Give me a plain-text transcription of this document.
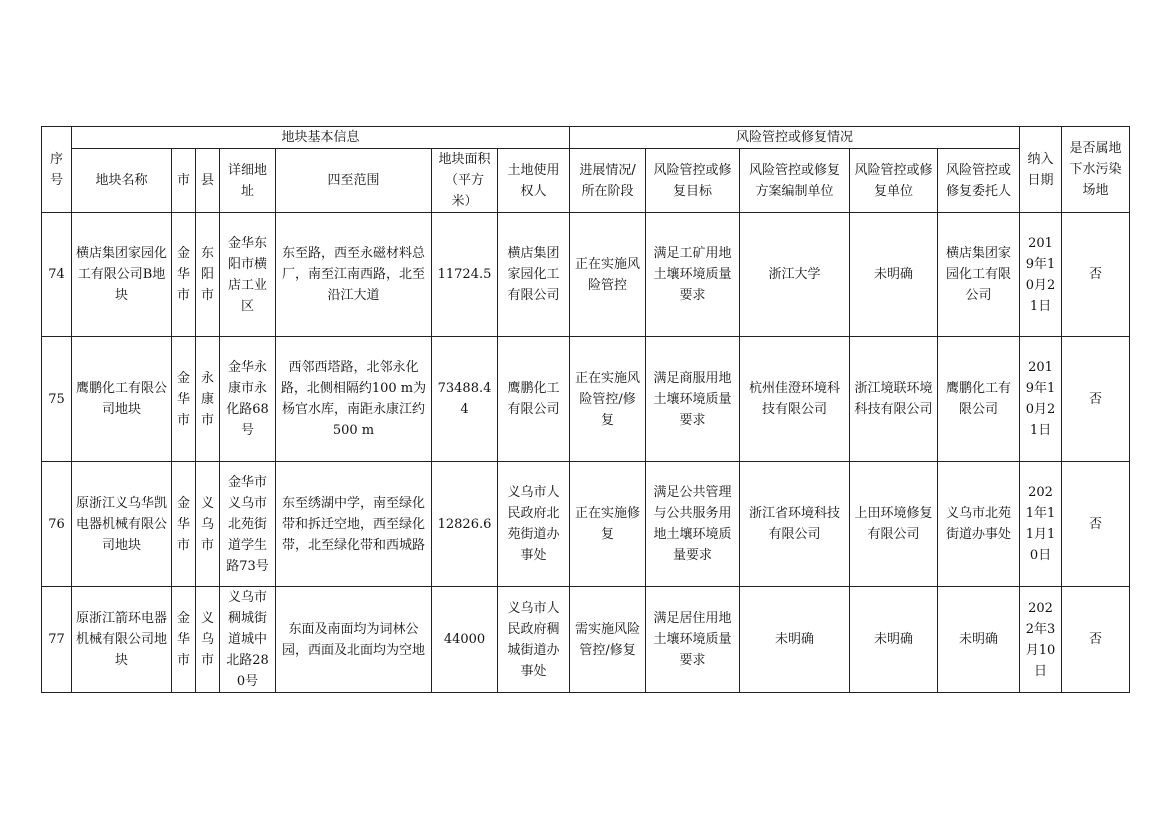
序号	地块基本信息							风险管控或修复情况					纳入日期	是否属地下水污染场地
	地块名称	市	县	详细地址	四至范围	地块面积（平方米）	土地使用权人	进展情况/所在阶段	风险管控或修复目标	风险管控或修复方案编制单位	风险管控或修复单位	风险管控或修复委托人		
74	横店集团家园化工有限公司B地块	金华市	东阳市	金华东阳市横店工业区	东至路，西至永磁材料总厂，南至江南西路，北至沿江大道	11724.5	横店集团家园化工有限公司	正在实施风险管控	满足工矿用地土壤环境质量要求	浙江大学	未明确	横店集团家园化工有限公司	2019年10月21日	否
75	鹰鹏化工有限公司地块	金华市	永康市	金华永康市永化路68号	西邻西塔路，北邻永化路，北侧相隔约100 m为杨官水库，南距永康江约500 m	73488.44	鹰鹏化工有限公司	正在实施风险管控/修复	满足商服用地土壤环境质量要求	杭州佳澄环境科技有限公司	浙江境联环境科技有限公司	鹰鹏化工有限公司	2019年10月21日	否
76	原浙江义乌华凯电器机械有限公司地块	金华市	义乌市	金华市义乌市北苑街道学生路73号	东至绣湖中学，南至绿化带和拆迁空地，西至绿化带，北至绿化带和西城路	12826.6	义乌市人民政府北苑街道办事处	正在实施修复	满足公共管理与公共服务用地土壤环境质量要求	浙江省环境科技有限公司	上田环境修复有限公司	义乌市北苑街道办事处	2021年11月10日	否
77	原浙江箭环电器机械有限公司地块	金华市	义乌市	义乌市稠城街道城中北路280号	东面及南面均为词林公园，西面及北面均为空地	44000	义乌市人民政府稠城街道办事处	需实施风险管控/修复	满足居住用地土壤环境质量要求	未明确	未明确	未明确	2022年3月10日	否
